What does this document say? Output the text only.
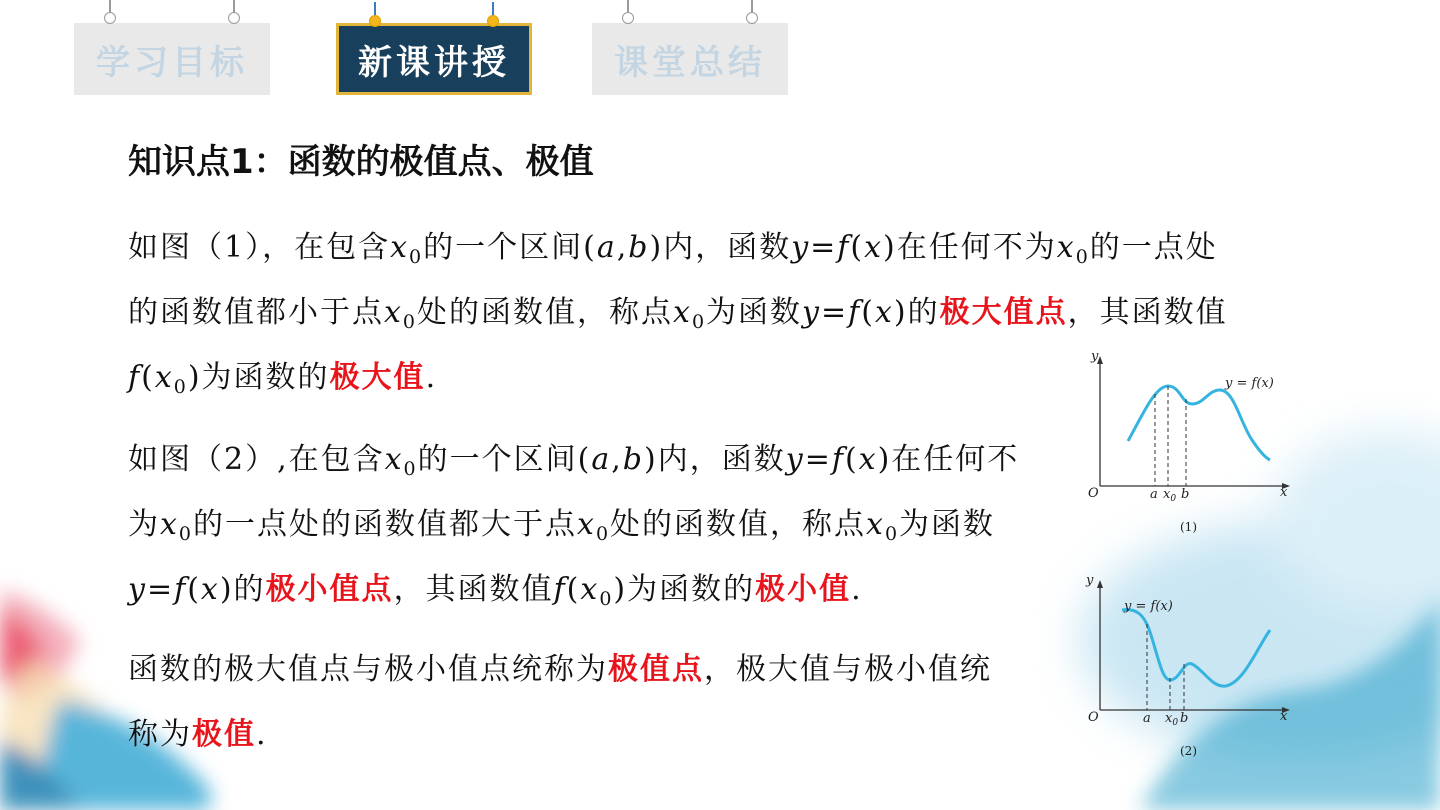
学习目标	新课讲授	课堂总结
知识点1：函数的极值点、极值
如图（1），在包含$x_0$的一个区间(a,b)内，函数y=f(x)在任何不为$x_0$的一点处的函数值都小于点$x_0$处的函数值，称点$x_0$为函数y=f(x)的极大值点，其函数值$f(x_0)$为函数的极大值.
如图（2）,在包含$x_0$的一个区间(a,b)内，函数y=f(x)在任何不为$x_0$的一点处的函数值都大于点$x_0$处的函数值，称点$x_0$为函数y=f(x)的极小值点，其函数值$f(x_0)$为函数的极小值.
函数的极大值点与极小值点统称为极值点，极大值与极小值统称为极值.
y
x
O	a $x_0$ b
y = f(x)
(1)
y
x
O	a $x_0$ b
y = f(x)
(2)
